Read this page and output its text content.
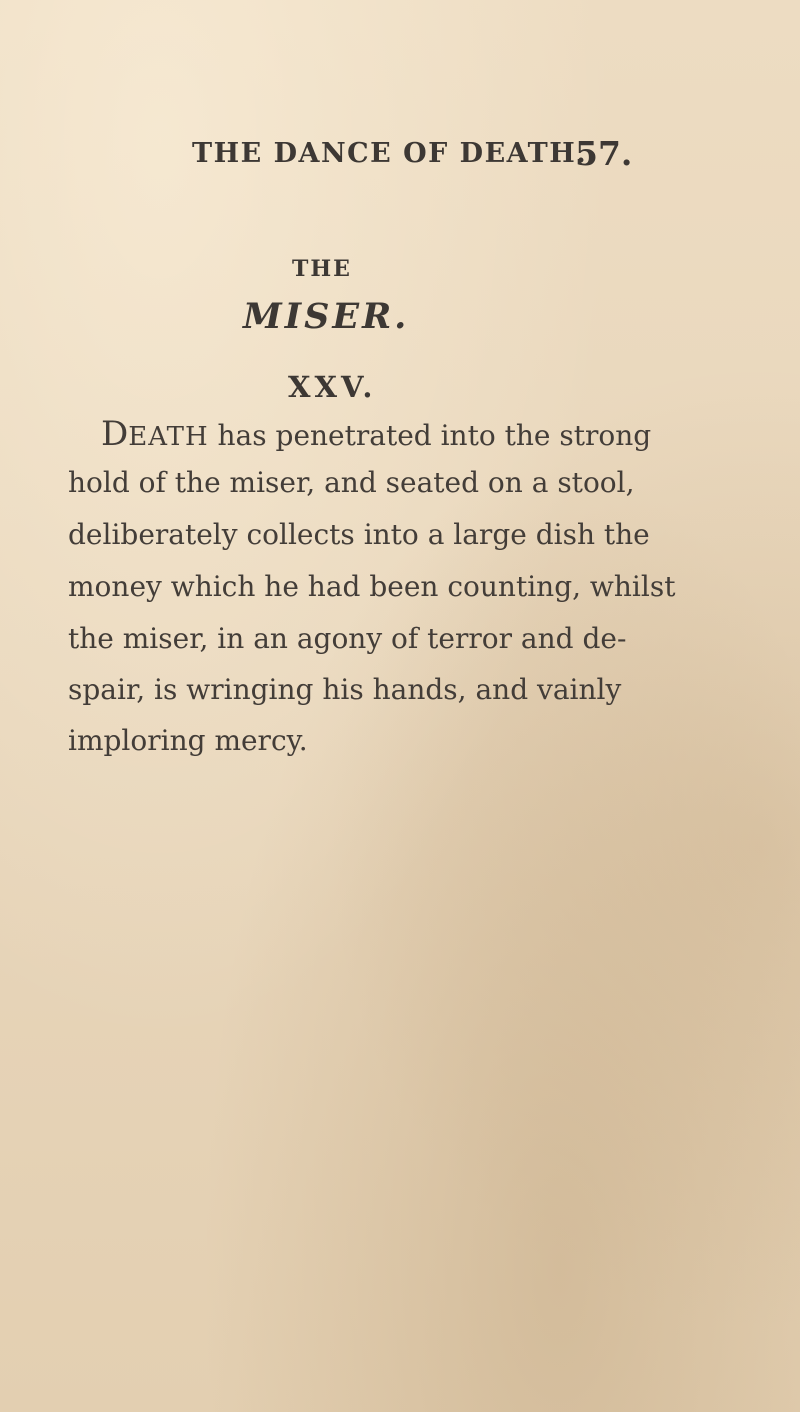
THE DANCE OF DEATH.
57.
THE
MISER.
XXV.
DEATH has penetrated into the strong
hold of the miser, and seated on a stool,
deliberately collects into a large dish the
money which he had been counting, whilst
the miser, in an agony of terror and de-
spair, is wringing his hands, and vainly
imploring mercy.
